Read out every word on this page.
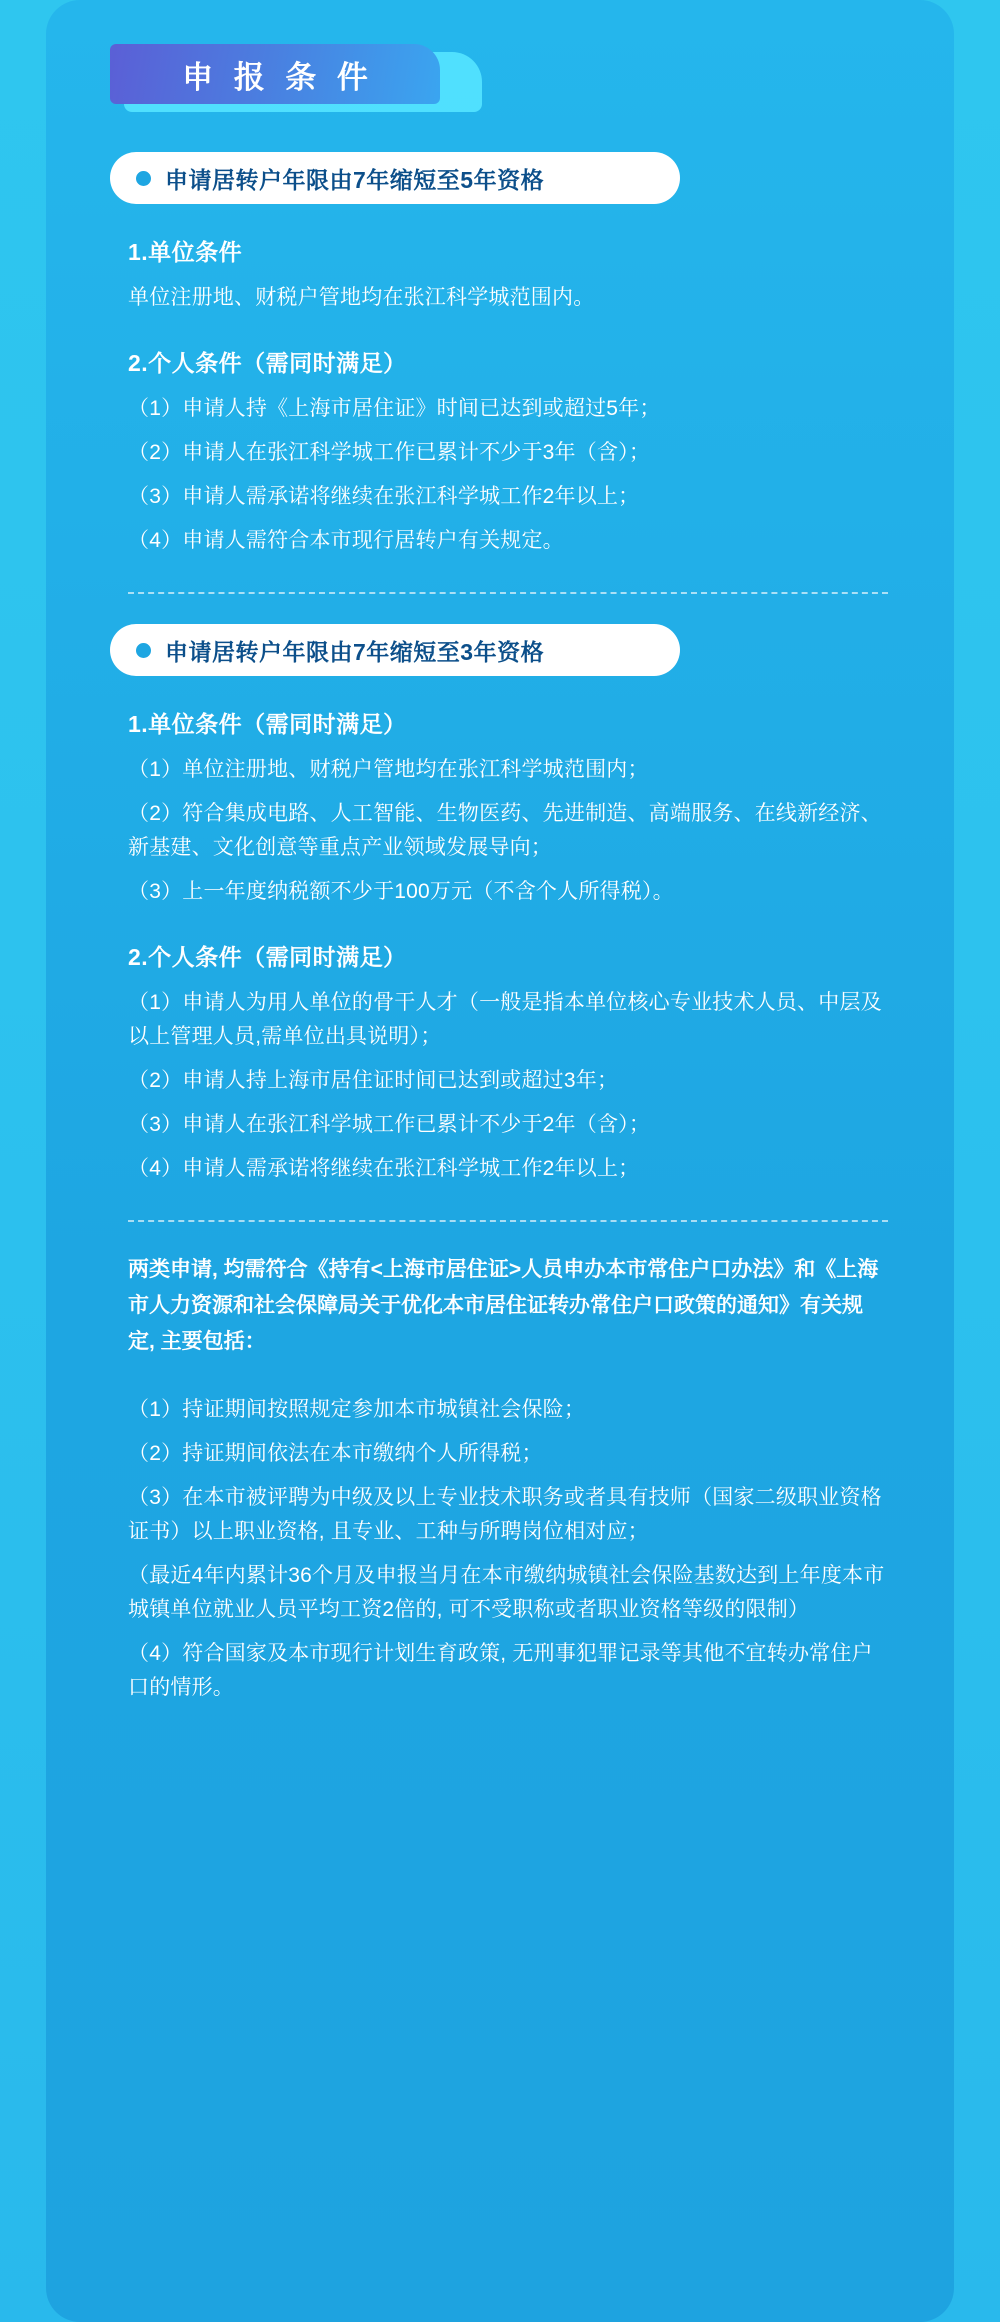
申 报 条 件
申请居转户年限由7年缩短至5年资格
1.单位条件
单位注册地、财税户管地均在张江科学城范围内。
2.个人条件（需同时满足）
（1）申请人持《上海市居住证》时间已达到或超过5年；
（2）申请人在张江科学城工作已累计不少于3年（含）；
（3）申请人需承诺将继续在张江科学城工作2年以上；
（4）申请人需符合本市现行居转户有关规定。
申请居转户年限由7年缩短至3年资格
1.单位条件（需同时满足）
（1）单位注册地、财税户管地均在张江科学城范围内；
（2）符合集成电路、人工智能、生物医药、先进制造、高端服务、在线新经济、新基建、文化创意等重点产业领域发展导向；
（3）上一年度纳税额不少于100万元（不含个人所得税）。
2.个人条件（需同时满足）
（1）申请人为用人单位的骨干人才（一般是指本单位核心专业技术人员、中层及以上管理人员,需单位出具说明）；
（2）申请人持上海市居住证时间已达到或超过3年；
（3）申请人在张江科学城工作已累计不少于2年（含）；
（4）申请人需承诺将继续在张江科学城工作2年以上；
两类申请, 均需符合《持有<上海市居住证>人员申办本市常住户口办法》和《上海市人力资源和社会保障局关于优化本市居住证转办常住户口政策的通知》有关规定, 主要包括：
（1）持证期间按照规定参加本市城镇社会保险；
（2）持证期间依法在本市缴纳个人所得税；
（3）在本市被评聘为中级及以上专业技术职务或者具有技师（国家二级职业资格证书）以上职业资格, 且专业、工种与所聘岗位相对应；
（最近4年内累计36个月及申报当月在本市缴纳城镇社会保险基数达到上年度本市城镇单位就业人员平均工资2倍的, 可不受职称或者职业资格等级的限制）
（4）符合国家及本市现行计划生育政策, 无刑事犯罪记录等其他不宜转办常住户口的情形。
